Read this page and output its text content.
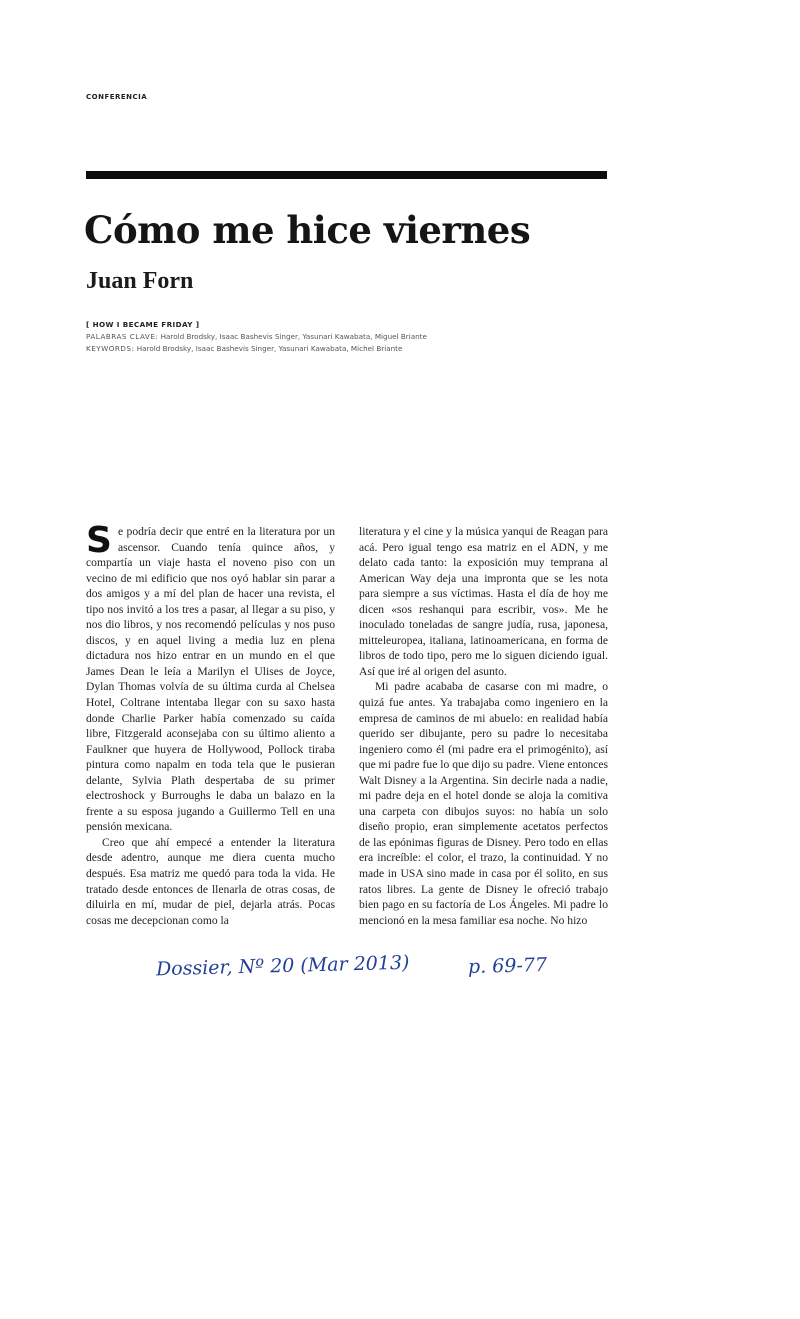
CONFERENCIA
Cómo me hice viernes
Juan Forn
[ HOW I BECAME FRIDAY ]
PALABRAS CLAVE: Harold Brodsky, Isaac Bashevis Singer, Yasunari Kawabata, Miguel Briante
KEYWORDS: Harold Brodsky, Isaac Bashevis Singer, Yasunari Kawabata, Michel Briante

Se podría decir que entré en la literatura por un ascensor. Cuando tenía quince años, y compartía un viaje hasta el noveno piso con un vecino de mi edificio que nos oyó hablar sin parar a dos amigos y a mí del plan de hacer una revista, el tipo nos invitó a los tres a pasar, al llegar a su piso, y nos dio libros, y nos recomendó películas y nos puso discos, y en aquel living a media luz en plena dictadura nos hizo entrar en un mundo en el que James Dean le leía a Marilyn el Ulises de Joyce, Dylan Thomas volvía de su última curda al Chelsea Hotel, Coltrane intentaba llegar con su saxo hasta donde Charlie Parker había comenzado su caída libre, Fitzgerald aconsejaba con su último aliento a Faulkner que huyera de Hollywood, Pollock tiraba pintura como napalm en toda tela que le pusieran delante, Sylvia Plath despertaba de su primer electroshock y Burroughs le daba un balazo en la frente a su esposa jugando a Guillermo Tell en una pensión mexicana.

Creo que ahí empecé a entender la literatura desde adentro, aunque me diera cuenta mucho después. Esa matriz me quedó para toda la vida. He tratado desde entonces de llenarla de otras cosas, de diluirla en mí, mudar de piel, dejarla atrás. Pocas cosas me decepcionan como la

literatura y el cine y la música yanqui de Reagan para acá. Pero igual tengo esa matriz en el ADN, y me delato cada tanto: la exposición muy temprana al American Way deja una impronta que se les nota para siempre a sus víctimas. Hasta el día de hoy me dicen «sos reshanqui para escribir, vos». Me he inoculado toneladas de sangre judía, rusa, japonesa, mitteleuropea, italiana, latinoamericana, en forma de libros de todo tipo, pero me lo siguen diciendo igual. Así que iré al origen del asunto.

Mi padre acababa de casarse con mi madre, o quizá fue antes. Ya trabajaba como ingeniero en la empresa de caminos de mi abuelo: en realidad había querido ser dibujante, pero su padre lo necesitaba ingeniero como él (mi padre era el primogénito), así que mi padre fue lo que dijo su padre. Viene entonces Walt Disney a la Argentina. Sin decirle nada a nadie, mi padre deja en el hotel donde se aloja la comitiva una carpeta con dibujos suyos: no había un solo diseño propio, eran simplemente acetatos perfectos de las epónimas figuras de Disney. Pero todo en ellas era increíble: el color, el trazo, la continuidad. Y no made in USA sino made in casa por él solito, en sus ratos libres. La gente de Disney le ofreció trabajo bien pago en su factoría de Los Ángeles. Mi padre lo mencionó en la mesa familiar esa noche. No hizo

Dossier, Nº 20 (Mar 2013)	p. 69-77
